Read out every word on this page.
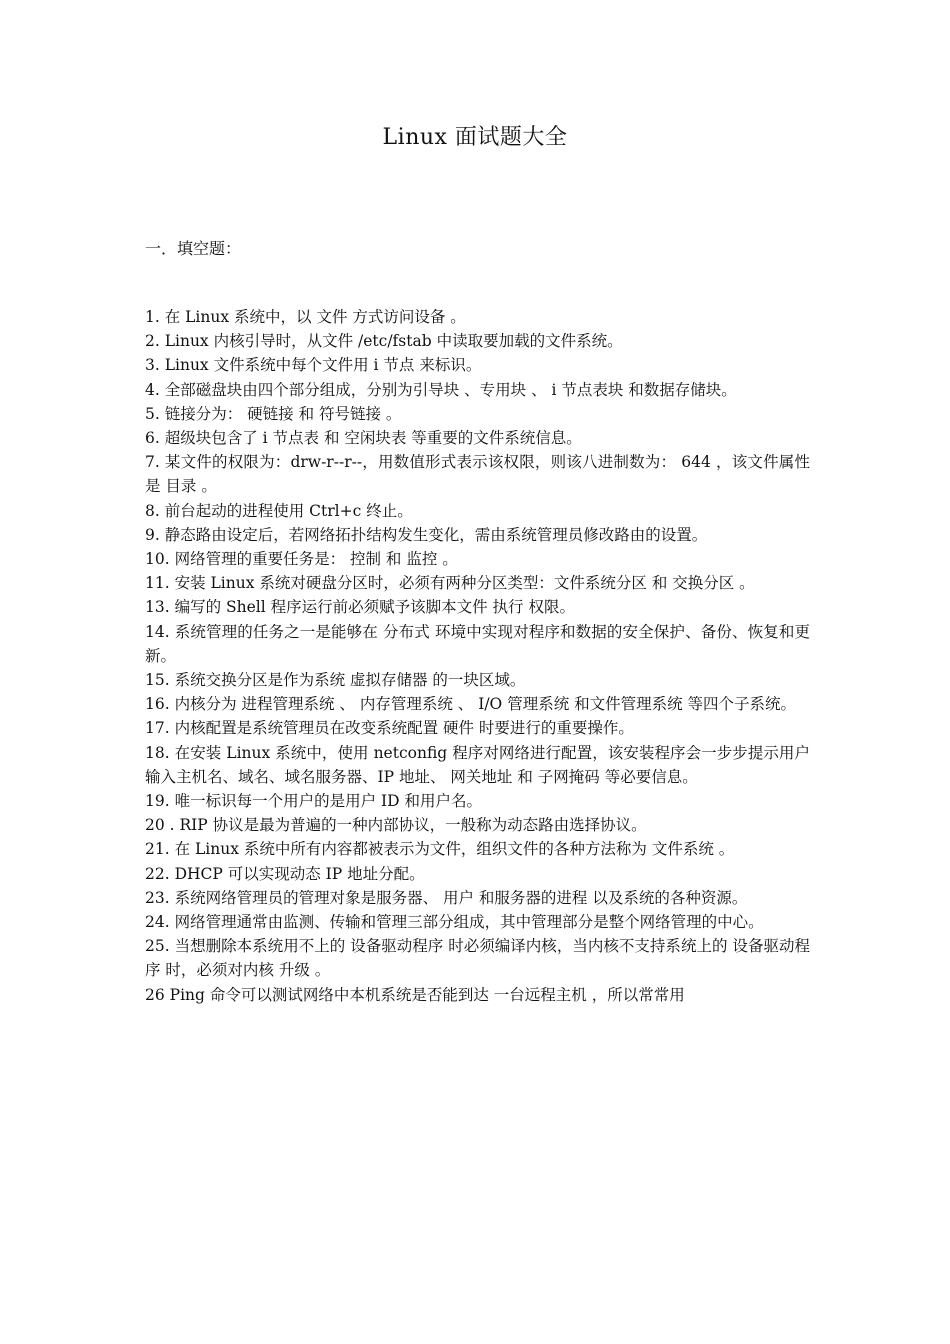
Linux 面试题大全
一．填空题：
1. 在 Linux 系统中，以 文件 方式访问设备 。
2. Linux 内核引导时，从文件 /etc/fstab 中读取要加载的文件系统。
3. Linux 文件系统中每个文件用 i 节点 来标识。
4. 全部磁盘块由四个部分组成，分别为引导块 、专用块 、 i 节点表块 和数据存储块。
5. 链接分为： 硬链接 和 符号链接 。
6. 超级块包含了 i 节点表 和 空闲块表 等重要的文件系统信息。
7. 某文件的权限为：drw-r--r--，用数值形式表示该权限，则该八进制数为： 644 ，该文件属性是 目录 。
8. 前台起动的进程使用 Ctrl+c 终止。
9. 静态路由设定后，若网络拓扑结构发生变化，需由系统管理员修改路由的设置。
10. 网络管理的重要任务是： 控制 和 监控 。
11. 安装 Linux 系统对硬盘分区时，必须有两种分区类型：文件系统分区 和 交换分区 。
13. 编写的 Shell 程序运行前必须赋予该脚本文件 执行 权限。
14. 系统管理的任务之一是能够在 分布式 环境中实现对程序和数据的安全保护、备份、恢复和更新。
15. 系统交换分区是作为系统 虚拟存储器 的一块区域。
16. 内核分为 进程管理系统 、 内存管理系统 、 I/O 管理系统 和文件管理系统 等四个子系统。
17. 内核配置是系统管理员在改变系统配置 硬件 时要进行的重要操作。
18. 在安装 Linux 系统中，使用 netconfig 程序对网络进行配置，该安装程序会一步步提示用户输入主机名、域名、域名服务器、IP 地址、 网关地址 和 子网掩码 等必要信息。
19. 唯一标识每一个用户的是用户 ID 和用户名。
20 . RIP 协议是最为普遍的一种内部协议，一般称为动态路由选择协议。
21. 在 Linux 系统中所有内容都被表示为文件，组织文件的各种方法称为 文件系统 。
22. DHCP 可以实现动态 IP 地址分配。
23. 系统网络管理员的管理对象是服务器、 用户 和服务器的进程 以及系统的各种资源。
24. 网络管理通常由监测、传输和管理三部分组成，其中管理部分是整个网络管理的中心。
25. 当想删除本系统用不上的 设备驱动程序 时必须编译内核，当内核不支持系统上的 设备驱动程序 时，必须对内核 升级 。
26 Ping 命令可以测试网络中本机系统是否能到达 一台远程主机 ，所以常常用
